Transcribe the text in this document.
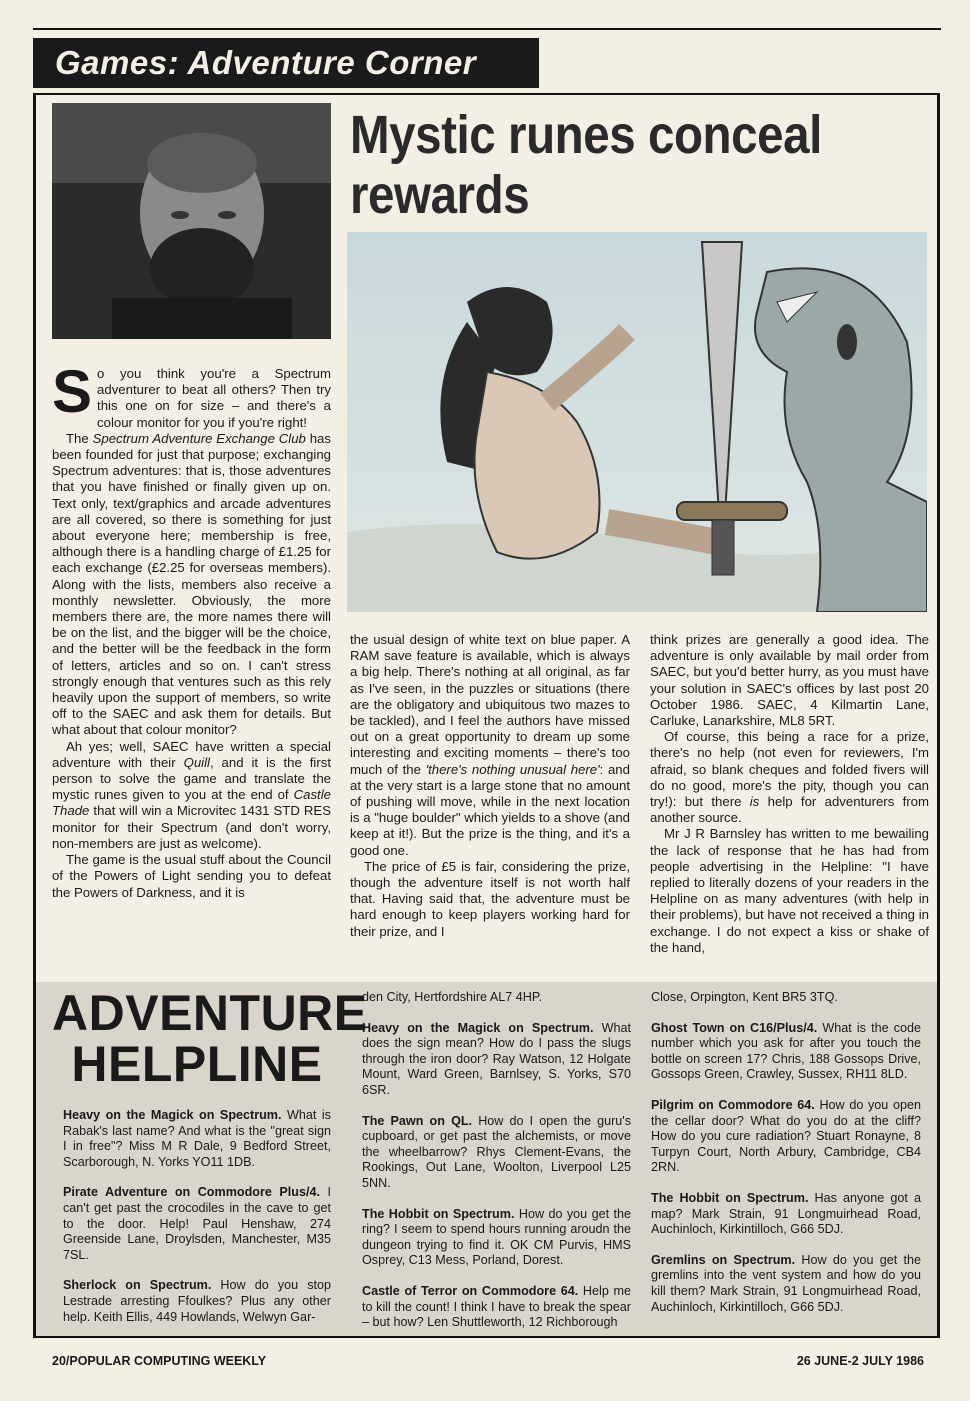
Games: Adventure Corner
Mystic runes conceal rewards

So you think you're a Spectrum adventurer to beat all others? Then try this one on for size – and there's a colour monitor for you if you're right!

The Spectrum Adventure Exchange Club has been founded for just that purpose; exchanging Spectrum adventures: that is, those adventures that you have finished or finally given up on. Text only, text/graphics and arcade adventures are all covered, so there is something for just about everyone here; membership is free, although there is a handling charge of £1.25 for each exchange (£2.25 for overseas members). Along with the lists, members also receive a monthly newsletter. Obviously, the more members there are, the more names there will be on the list, and the bigger will be the choice, and the better will be the feedback in the form of letters, articles and so on. I can't stress strongly enough that ventures such as this rely heavily upon the support of members, so write off to the SAEC and ask them for details. But what about that colour monitor?

Ah yes; well, SAEC have written a special adventure with their Quill, and it is the first person to solve the game and translate the mystic runes given to you at the end of Castle Thade that will win a Microvitec 1431 STD RES monitor for their Spectrum (and don't worry, non-members are just as welcome).

The game is the usual stuff about the Council of the Powers of Light sending you to defeat the Powers of Darkness, and it is

the usual design of white text on blue paper. A RAM save feature is available, which is always a big help. There's nothing at all original, as far as I've seen, in the puzzles or situations (there are the obligatory and ubiquitous two mazes to be tackled), and I feel the authors have missed out on a great opportunity to dream up some interesting and exciting moments – there's too much of the 'there's nothing unusual here': and at the very start is a large stone that no amount of pushing will move, while in the next location is a "huge boulder" which yields to a shove (and keep at it!). But the prize is the thing, and it's a good one.

The price of £5 is fair, considering the prize, though the adventure itself is not worth half that. Having said that, the adventure must be hard enough to keep players working hard for their prize, and I

think prizes are generally a good idea. The adventure is only available by mail order from SAEC, but you'd better hurry, as you must have your solution in SAEC's offices by last post 20 October 1986. SAEC, 4 Kilmartin Lane, Carluke, Lanarkshire, ML8 5RT.

Of course, this being a race for a prize, there's no help (not even for reviewers, I'm afraid, so blank cheques and folded fivers will do no good, more's the pity, though you can try!): but there is help for adventurers from another source.

Mr J R Barnsley has written to me bewailing the lack of response that he has had from people advertising in the Helpline: "I have replied to literally dozens of your readers in the Helpline on as many adventures (with help in their problems), but have not received a thing in exchange. I do not expect a kiss or shake of the hand,

ADVENTURE
HELPLINE

Heavy on the Magick on Spectrum. What is Rabak's last name? And what is the "great sign I in free"? Miss M R Dale, 9 Bedford Street, Scarborough, N. Yorks YO11 1DB.

Pirate Adventure on Commodore Plus/4. I can't get past the crocodiles in the cave to get to the door. Help! Paul Henshaw, 274 Greenside Lane, Droylsden, Manchester, M35 7SL.

Sherlock on Spectrum. How do you stop Lestrade arresting Ffoulkes? Plus any other help. Keith Ellis, 449 Howlands, Welwyn Gar-

den City, Hertfordshire AL7 4HP.

Heavy on the Magick on Spectrum. What does the sign mean? How do I pass the slugs through the iron door? Ray Watson, 12 Holgate Mount, Ward Green, Barnlsey, S. Yorks, S70 6SR.

The Pawn on QL. How do I open the guru's cupboard, or get past the alchemists, or move the wheelbarrow? Rhys Clement-Evans, the Rookings, Out Lane, Woolton, Liverpool L25 5NN.

The Hobbit on Spectrum. How do you get the ring? I seem to spend hours running aroudn the dungeon trying to find it. OK CM Purvis, HMS Osprey, C13 Mess, Porland, Dorest.

Castle of Terror on Commodore 64. Help me to kill the count! I think I have to break the spear – but how? Len Shuttleworth, 12 Richborough

Close, Orpington, Kent BR5 3TQ.

Ghost Town on C16/Plus/4. What is the code number which you ask for after you touch the bottle on screen 17? Chris, 188 Gossops Drive, Gossops Green, Crawley, Sussex, RH11 8LD.

Pilgrim on Commodore 64. How do you open the cellar door? What do you do at the cliff? How do you cure radiation? Stuart Ronayne, 8 Turpyn Court, North Arbury, Cambridge, CB4 2RN.

The Hobbit on Spectrum. Has anyone got a map? Mark Strain, 91 Longmuirhead Road, Auchinloch, Kirkintilloch, G66 5DJ.

Gremlins on Spectrum. How do you get the gremlins into the vent system and how do you kill them? Mark Strain, 91 Longmuirhead Road, Auchinloch, Kirkintilloch, G66 5DJ.

20/POPULAR COMPUTING WEEKLY	26 JUNE-2 JULY 1986
